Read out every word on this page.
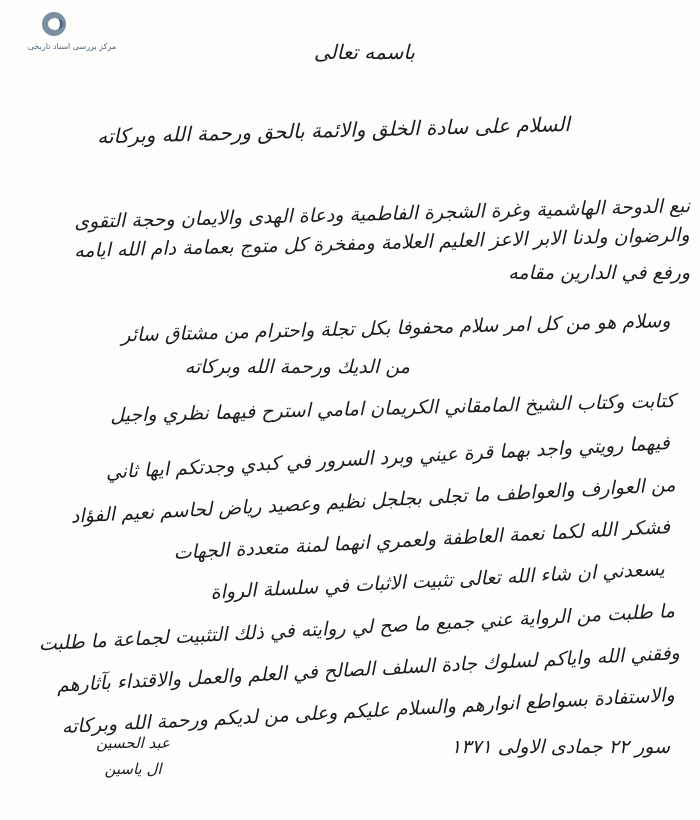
مرکز بررسی اسناد تاریخی	باسمه تعالى
السلام على سادة الخلق والائمة بالحق ورحمة الله وبركاته
نبع الدوحة الهاشمية وغرة الشجرة الفاطمية ودعاة الهدى والايمان وحجة التقوى
والرضوان ولدنا الابر الاعز العليم العلامة ومفخرة كل متوج بعمامة دام الله ايامه
ورفع في الدارين مقامه
وسلام هو من كل امر سلام محفوفا بكل تجلة واحترام من مشتاق سائر
من الديك ورحمة الله وبركاته
كتابت وكتاب الشيخ المامقاني الكريمان امامي استرح فيهما نظري واجيل
فيهما رويتي واجد بهما قرة عيني وبرد السرور في كبدي وجدتكم ايها ثاني
من العوارف والعواطف ما تجلى بجلجل نظيم وعصيد رياض لحاسم نعيم الفؤاد
فشكر الله لكما نعمة العاطفة ولعمري انهما لمنة متعددة الجهات
يسعدني ان شاء الله تعالى تثبيت الاثبات في سلسلة الرواة
ما طلبت من الرواية عني جميع ما صح لي روايته في ذلك التثبيت لجماعة ما طلبت
وفقني الله واياكم لسلوك جادة السلف الصالح في العلم والعمل والاقتداء بآثارهم
والاستفادة بسواطع انوارهم والسلام عليكم وعلى من لديكم ورحمة الله وبركاته
سور ٢٢ جمادى الاولى ١٣٧١
عبد الحسين
ال ياسين
